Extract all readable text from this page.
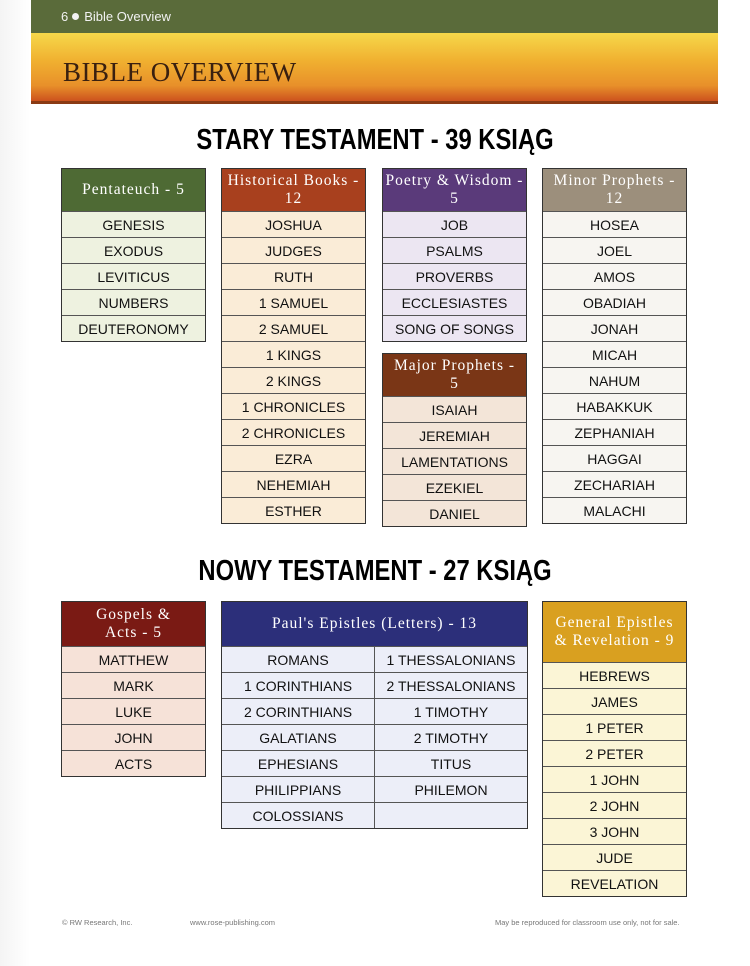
6 Bible Overview
BIBLE OVERVIEW
STARY TESTAMENT - 39 KSIĄG
NOWY TESTAMENT - 27 KSIĄG
Pentateuch - 5
GENESIS
EXODUS
LEVITICUS
NUMBERS
DEUTERONOMY
Historical Books - 12
JOSHUA
JUDGES
RUTH
1 SAMUEL
2 SAMUEL
1 KINGS
2 KINGS
1 CHRONICLES
2 CHRONICLES
EZRA
NEHEMIAH
ESTHER
Poetry & Wisdom - 5
JOB
PSALMS
PROVERBS
ECCLESIASTES
SONG OF SONGS
Major Prophets - 5
ISAIAH
JEREMIAH
LAMENTATIONS
EZEKIEL
DANIEL
Minor Prophets - 12
HOSEA
JOEL
AMOS
OBADIAH
JONAH
MICAH
NAHUM
HABAKKUK
ZEPHANIAH
HAGGAI
ZECHARIAH
MALACHI
Gospels & Acts - 5
MATTHEW
MARK
LUKE
JOHN
ACTS
Paul's Epistles (Letters) - 13
ROMANS
1 CORINTHIANS
2 CORINTHIANS
GALATIANS
EPHESIANS
PHILIPPIANS
COLOSSIANS
1 THESSALONIANS
2 THESSALONIANS
1 TIMOTHY
2 TIMOTHY
TITUS
PHILEMON
General Epistles & Revelation - 9
HEBREWS
JAMES
1 PETER
2 PETER
1 JOHN
2 JOHN
3 JOHN
JUDE
REVELATION
© RW Research, Inc.	www.rose-publishing.com	May be reproduced for classroom use only, not for sale.
